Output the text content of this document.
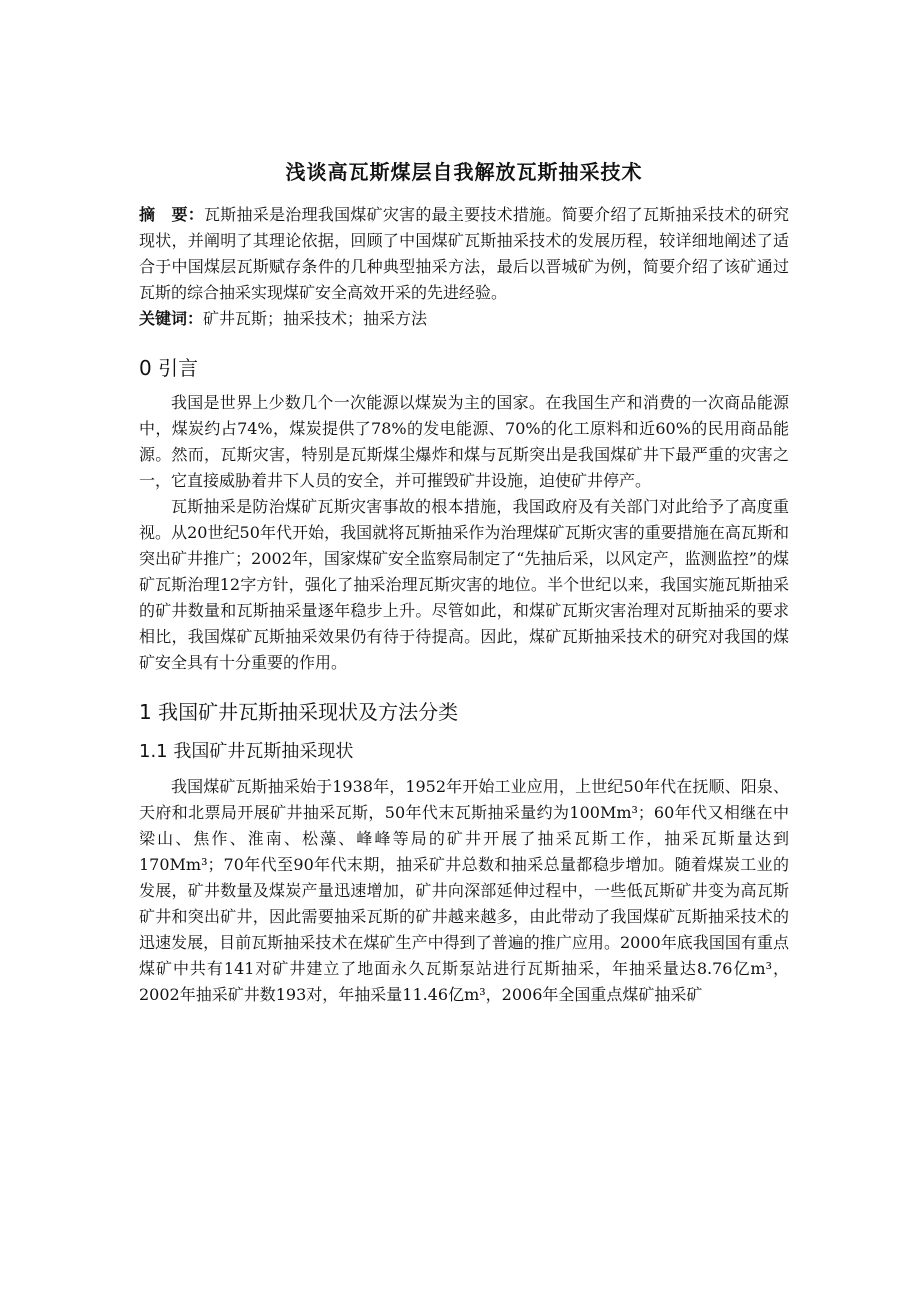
浅谈高瓦斯煤层自我解放瓦斯抽采技术

摘　要：瓦斯抽采是治理我国煤矿灾害的最主要技术措施。简要介绍了瓦斯抽采技术的研究现状，并阐明了其理论依据，回顾了中国煤矿瓦斯抽采技术的发展历程，较详细地阐述了适合于中国煤层瓦斯赋存条件的几种典型抽采方法，最后以晋城矿为例，简要介绍了该矿通过瓦斯的综合抽采实现煤矿安全高效开采的先进经验。

关键词：矿井瓦斯；抽采技术；抽采方法

0 引言

我国是世界上少数几个一次能源以煤炭为主的国家。在我国生产和消费的一次商品能源中，煤炭约占74%，煤炭提供了78%的发电能源、70%的化工原料和近60%的民用商品能源。然而，瓦斯灾害，特别是瓦斯煤尘爆炸和煤与瓦斯突出是我国煤矿井下最严重的灾害之一，它直接威胁着井下人员的安全，并可摧毁矿井设施，迫使矿井停产。

瓦斯抽采是防治煤矿瓦斯灾害事故的根本措施，我国政府及有关部门对此给予了高度重视。从20世纪50年代开始，我国就将瓦斯抽采作为治理煤矿瓦斯灾害的重要措施在高瓦斯和突出矿井推广；2002年，国家煤矿安全监察局制定了“先抽后采，以风定产，监测监控”的煤矿瓦斯治理12字方针，强化了抽采治理瓦斯灾害的地位。半个世纪以来，我国实施瓦斯抽采的矿井数量和瓦斯抽采量逐年稳步上升。尽管如此，和煤矿瓦斯灾害治理对瓦斯抽采的要求相比，我国煤矿瓦斯抽采效果仍有待于待提高。因此，煤矿瓦斯抽采技术的研究对我国的煤矿安全具有十分重要的作用。

1 我国矿井瓦斯抽采现状及方法分类
1.1 我国矿井瓦斯抽采现状

我国煤矿瓦斯抽采始于1938年，1952年开始工业应用，上世纪50年代在抚顺、阳泉、天府和北票局开展矿井抽采瓦斯，50年代末瓦斯抽采量约为100Mm³；60年代又相继在中梁山、焦作、淮南、松藻、峰峰等局的矿井开展了抽采瓦斯工作，抽采瓦斯量达到170Mm³；70年代至90年代末期，抽采矿井总数和抽采总量都稳步增加。随着煤炭工业的发展，矿井数量及煤炭产量迅速增加，矿井向深部延伸过程中，一些低瓦斯矿井变为高瓦斯矿井和突出矿井，因此需要抽采瓦斯的矿井越来越多，由此带动了我国煤矿瓦斯抽采技术的迅速发展，目前瓦斯抽采技术在煤矿生产中得到了普遍的推广应用。2000年底我国国有重点煤矿中共有141对矿井建立了地面永久瓦斯泵站进行瓦斯抽采，年抽采量达8.76亿m³，2002年抽采矿井数193对，年抽采量11.46亿m³，2006年全国重点煤矿抽采矿
